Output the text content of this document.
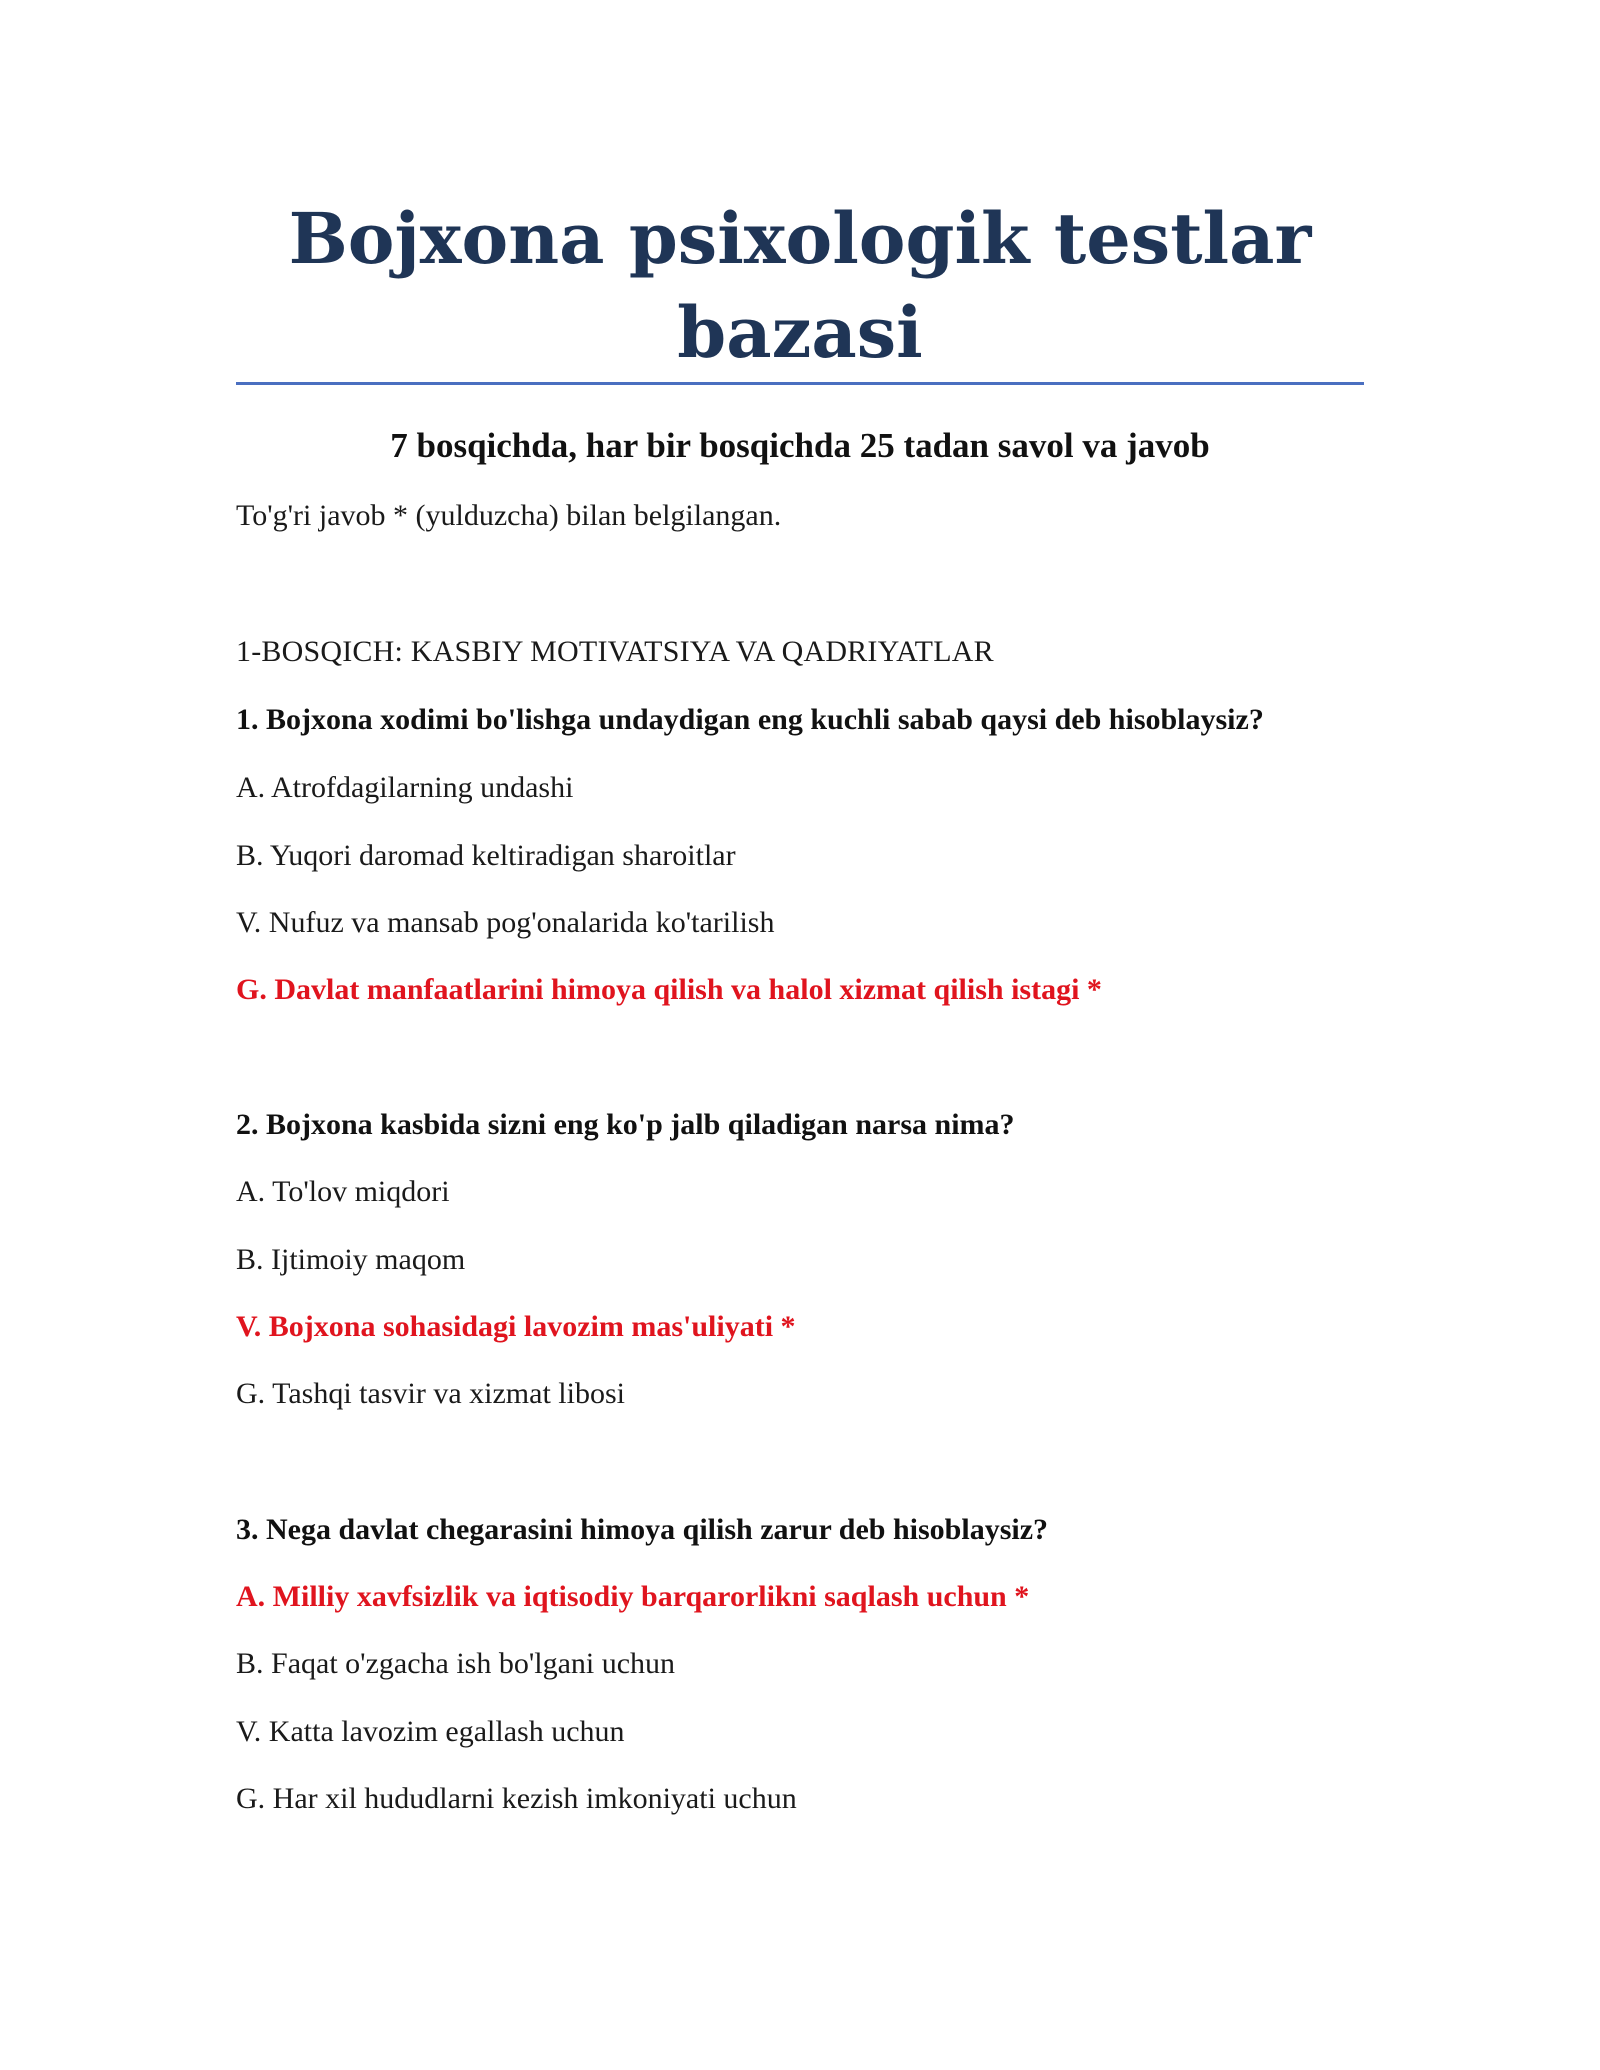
Bojxona psixologik testlar
bazasi

7 bosqichda, har bir bosqichda 25 tadan savol va javob

To'g'ri javob * (yulduzcha) bilan belgilangan.

1-BOSQICH: KASBIY MOTIVATSIYA VA QADRIYATLAR

1. Bojxona xodimi bo'lishga undaydigan eng kuchli sabab qaysi deb hisoblaysiz?

A. Atrofdagilarning undashi

B. Yuqori daromad keltiradigan sharoitlar

V. Nufuz va mansab pog'onalarida ko'tarilish

G. Davlat manfaatlarini himoya qilish va halol xizmat qilish istagi *

2. Bojxona kasbida sizni eng ko'p jalb qiladigan narsa nima?

A. To'lov miqdori

B. Ijtimoiy maqom

V. Bojxona sohasidagi lavozim mas'uliyati *

G. Tashqi tasvir va xizmat libosi

3. Nega davlat chegarasini himoya qilish zarur deb hisoblaysiz?

A. Milliy xavfsizlik va iqtisodiy barqarorlikni saqlash uchun *

B. Faqat o'zgacha ish bo'lgani uchun

V. Katta lavozim egallash uchun

G. Har xil hududlarni kezish imkoniyati uchun
